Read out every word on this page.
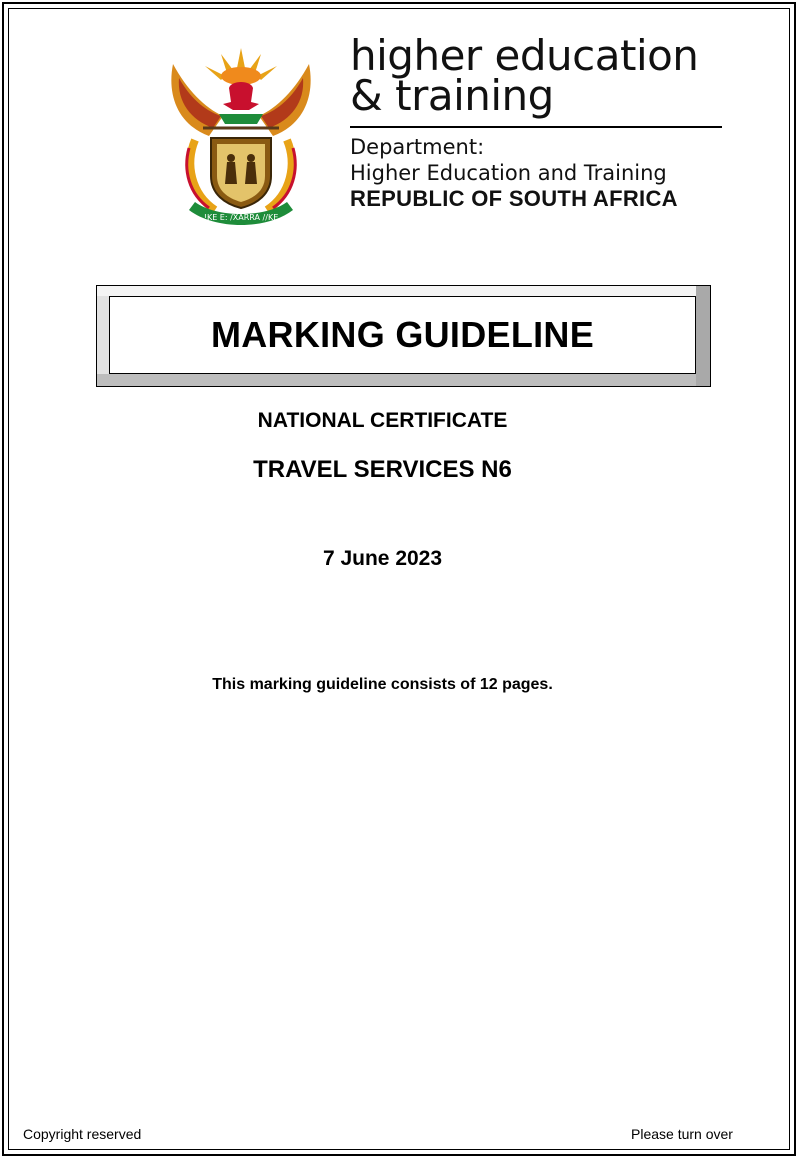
!KE E: /XARRA //KE
higher education
& training
Department:
Higher Education and Training
REPUBLIC OF SOUTH AFRICA
MARKING GUIDELINE
NATIONAL CERTIFICATE
TRAVEL SERVICES N6
7 June 2023
This marking guideline consists of 12 pages.
Copyright reserved	Please turn over
